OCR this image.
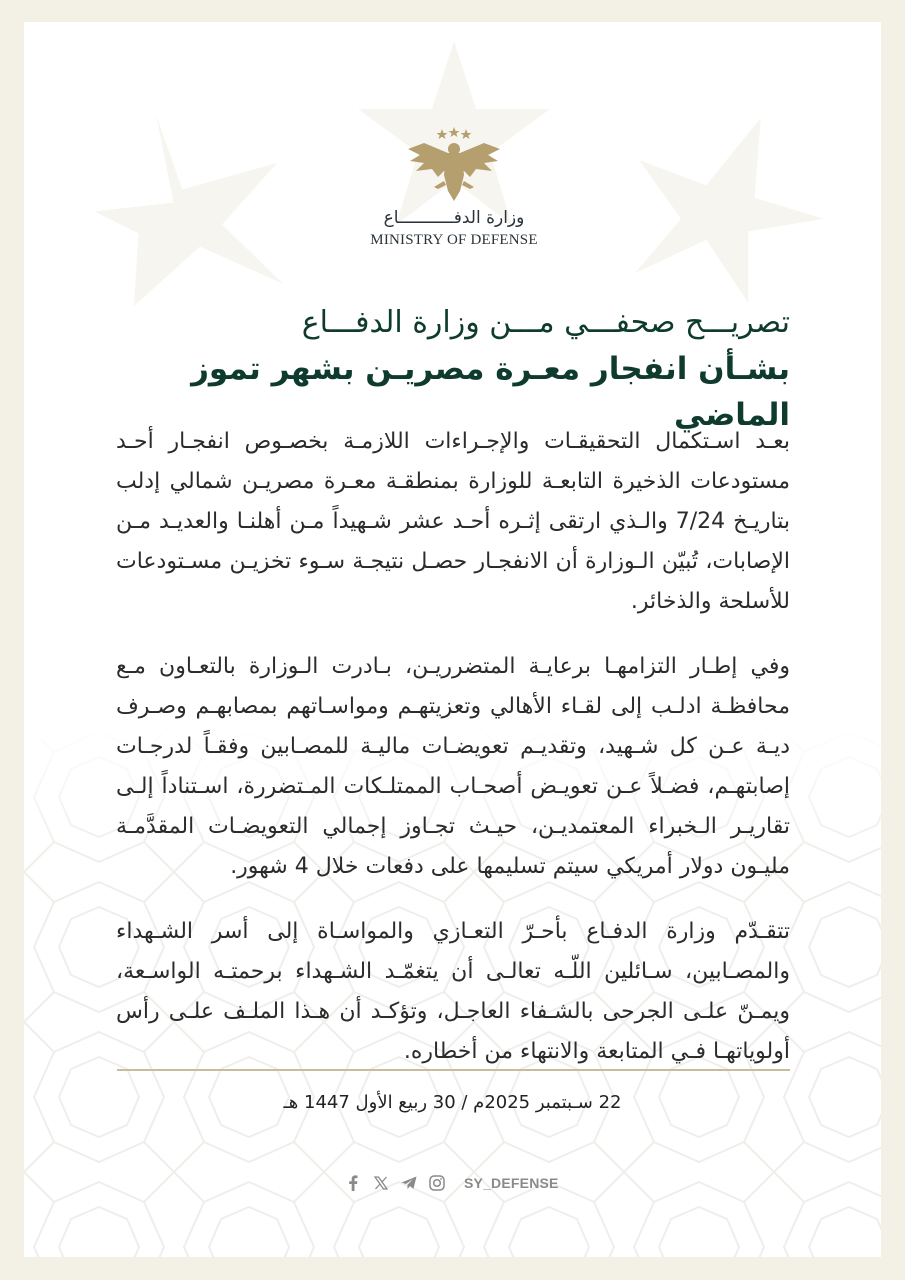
وزارة الدفـــــــــــاع
MINISTRY OF DEFENSE
تصريـــح صحفـــي مـــن وزارة الدفـــاع
بشـأن انفجار معـرة مصريـن بشهر تموز الماضي

بعـد اسـتكمال التحقيقـات والإجـراءات اللازمـة بخصـوص انفجـار أحـد مستودعات الذخيرة التابعـة للوزارة بمنطقـة معـرة مصريـن شمالي إدلب بتاريـخ 7/24 والـذي ارتقى إثـره أحـد عشر شـهيداً مـن أهلنـا والعديـد مـن الإصابات، تُبيّن الـوزارة أن الانفجـار حصـل نتيجـة سـوء تخزيـن مسـتودعات للأسلحة والذخائر.

وفي إطـار التزامهـا برعايـة المتضرريـن، بـادرت الـوزارة بالتعـاون مـع محافظـة ادلـب إلى لقـاء الأهالي وتعزيتهـم ومواسـاتهم بمصابهـم وصـرف ديـة عـن كل شـهيد، وتقديـم تعويضـات ماليـة للمصـابين وفقـاً لدرجـات إصابتهـم، فضـلاً عـن تعويـض أصحـاب الممتلـكات المـتضررة، اسـتناداً إلـى تقاريـر الـخبراء المعتمديـن، حيـث تجـاوز إجمالي التعويضـات المقدَّمـة مليـون دولار أمريكي سيتم تسليمها على دفعات خلال 4 شهور.

تتقـدّم وزارة الدفـاع بأحـرّ التعـازي والمواسـاة إلى أسر الشـهداء والمصـابين، سـائلين اللّـه تعالـى أن يتغمّـد الشـهداء برحمتـه الواسـعة، ويمـنّ علـى الجرحى بالشـفاء العاجـل، وتؤكـد أن هـذا الملـف علـى رأس أولوياتهـا فـي المتابعة والانتهاء من أخطاره.

22 سـبتمبر 2025م / 30 ربيع الأول 1447 هـ
SY_DEFENSE
